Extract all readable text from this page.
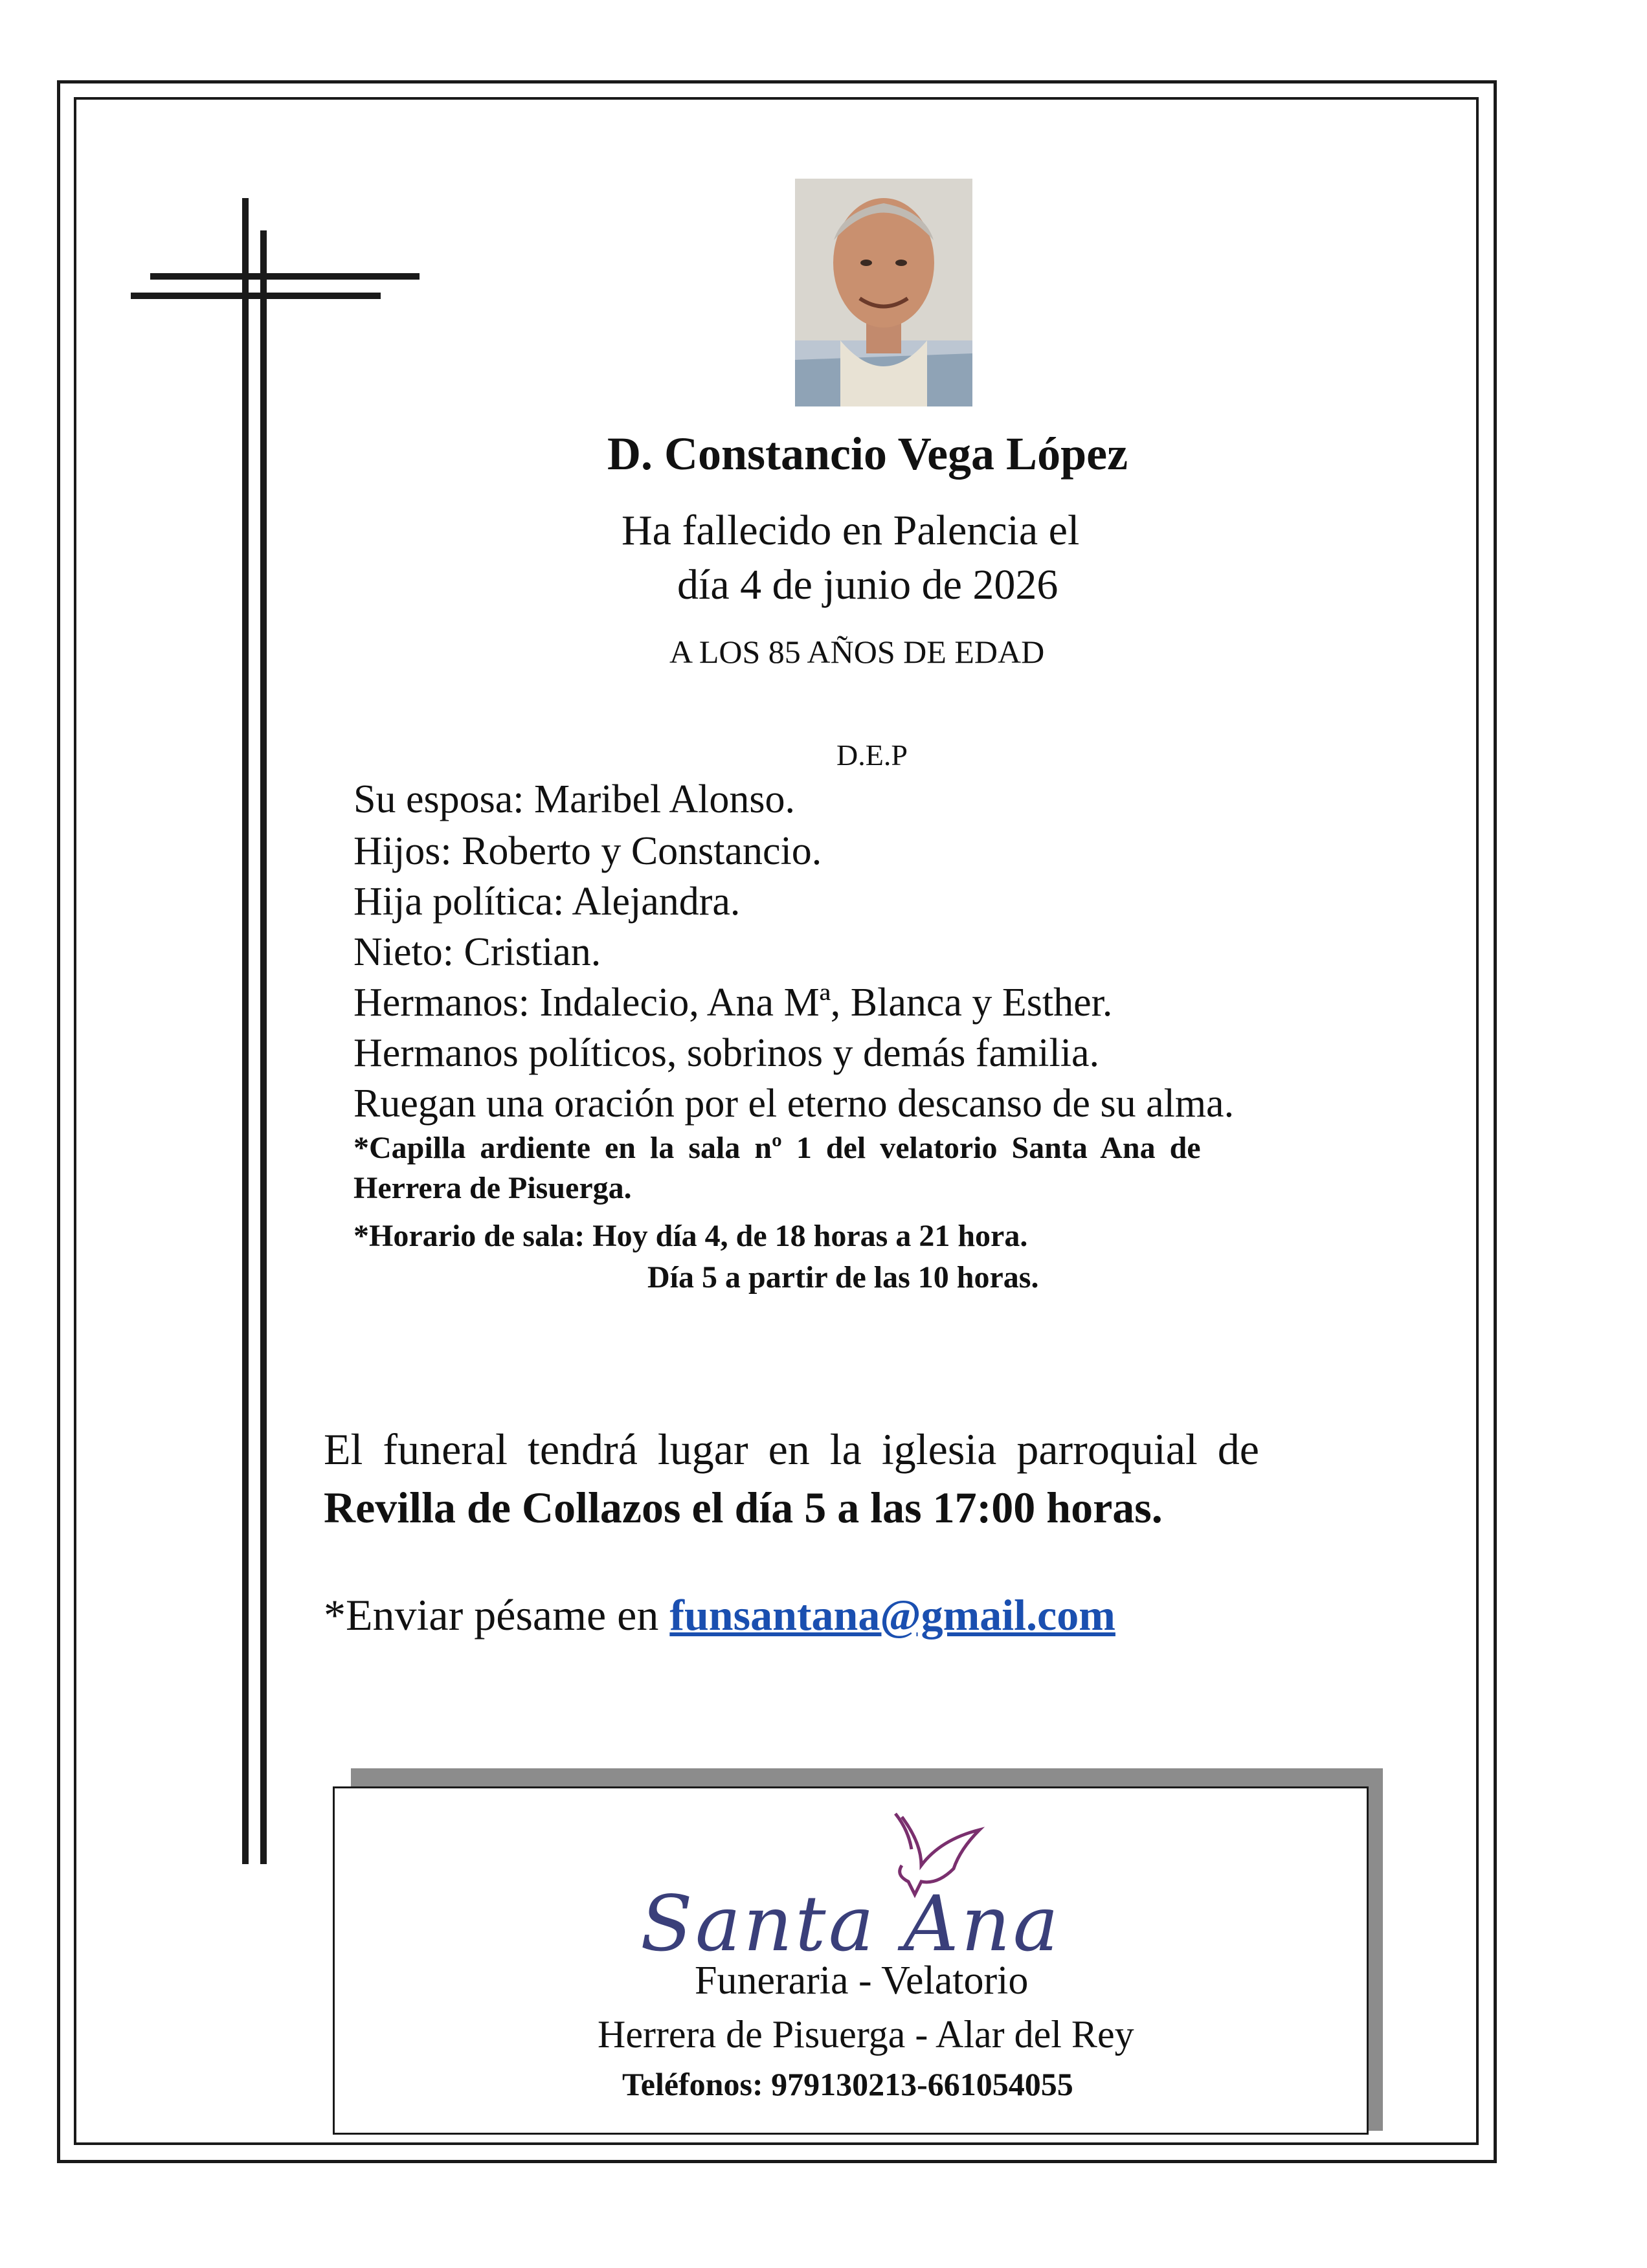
D. Constancio Vega López
Ha fallecido en Palencia el
día 4 de junio de 2026
A LOS 85 AÑOS DE EDAD
D.E.P
Su esposa: Maribel Alonso.
Hijos: Roberto y Constancio.
Hija política: Alejandra.
Nieto: Cristian.
Hermanos: Indalecio, Ana Mª, Blanca y Esther.
Hermanos políticos, sobrinos y demás familia.
Ruegan una oración por el eterno descanso de su alma.
*Capilla ardiente en la sala nº 1 del velatorio Santa Ana de
Herrera de Pisuerga.
*Horario de sala: Hoy día 4, de 18 horas a 21 hora.
Día 5 a partir de las 10 horas.
El funeral tendrá lugar en la iglesia parroquial de
Revilla de Collazos el día 5 a las 17:00 horas.
*Enviar pésame en funsantana@gmail.com
Santa Ana
Funeraria - Velatorio
Herrera de Pisuerga - Alar del Rey
Teléfonos: 979130213-661054055
